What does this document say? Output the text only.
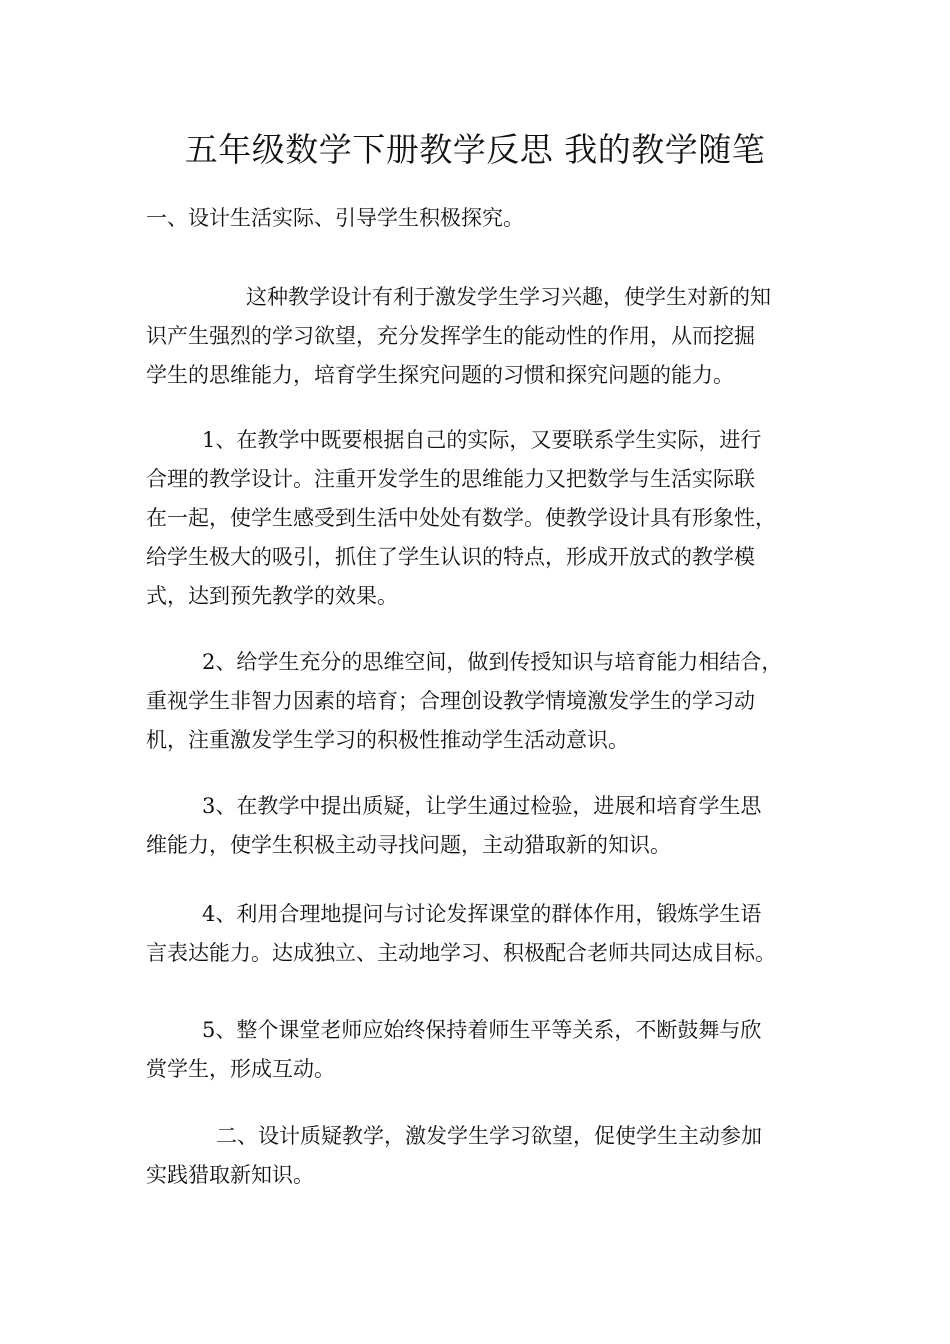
五年级数学下册教学反思 我的教学随笔

一、设计生活实际、引导学生积极探究。

这种教学设计有利于激发学生学习兴趣，使学生对新的知
识产生强烈的学习欲望，充分发挥学生的能动性的作用，从而挖掘
学生的思维能力，培育学生探究问题的习惯和探究问题的能力。

1、在教学中既要根据自己的实际，又要联系学生实际，进行
合理的教学设计。注重开发学生的思维能力又把数学与生活实际联
在一起，使学生感受到生活中处处有数学。使教学设计具有形象性，
给学生极大的吸引，抓住了学生认识的特点，形成开放式的教学模
式，达到预先教学的效果。

2、给学生充分的思维空间，做到传授知识与培育能力相结合，
重视学生非智力因素的培育；合理创设教学情境激发学生的学习动
机，注重激发学生学习的积极性推动学生活动意识。

3、在教学中提出质疑，让学生通过检验，进展和培育学生思
维能力，使学生积极主动寻找问题，主动猎取新的知识。

4、利用合理地提问与讨论发挥课堂的群体作用，锻炼学生语
言表达能力。达成独立、主动地学习、积极配合老师共同达成目标。

5、整个课堂老师应始终保持着师生平等关系，不断鼓舞与欣
赏学生，形成互动。

二、设计质疑教学，激发学生学习欲望，促使学生主动参加
实践猎取新知识。
